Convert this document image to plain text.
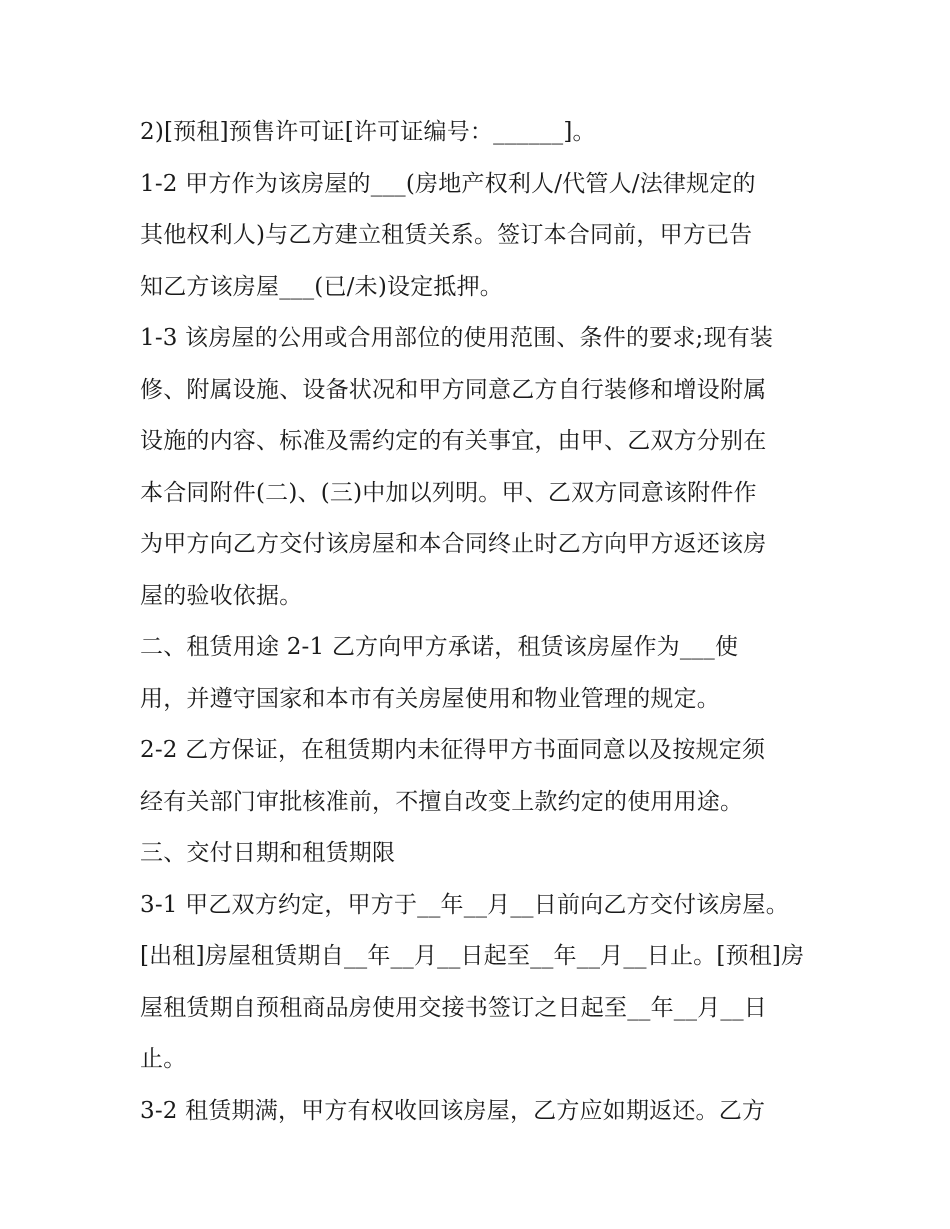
2)[预租]预售许可证[许可证编号：______]。
1-2 甲方作为该房屋的___(房地产权利人/代管人/法律规定的
其他权利人)与乙方建立租赁关系。签订本合同前，甲方已告
知乙方该房屋___(已/未)设定抵押。
1-3 该房屋的公用或合用部位的使用范围、条件的要求;现有装
修、附属设施、设备状况和甲方同意乙方自行装修和增设附属
设施的内容、标准及需约定的有关事宜，由甲、乙双方分别在
本合同附件(二)、(三)中加以列明。甲、乙双方同意该附件作
为甲方向乙方交付该房屋和本合同终止时乙方向甲方返还该房
屋的验收依据。
二、租赁用途 2-1 乙方向甲方承诺，租赁该房屋作为___使
用，并遵守国家和本市有关房屋使用和物业管理的规定。
2-2 乙方保证，在租赁期内未征得甲方书面同意以及按规定须
经有关部门审批核准前，不擅自改变上款约定的使用用途。
三、交付日期和租赁期限
3-1 甲乙双方约定，甲方于__年__月__日前向乙方交付该房屋。
[出租]房屋租赁期自__年__月__日起至__年__月__日止。[预租]房
屋租赁期自预租商品房使用交接书签订之日起至__年__月__日
止。
3-2 租赁期满，甲方有权收回该房屋，乙方应如期返还。乙方
